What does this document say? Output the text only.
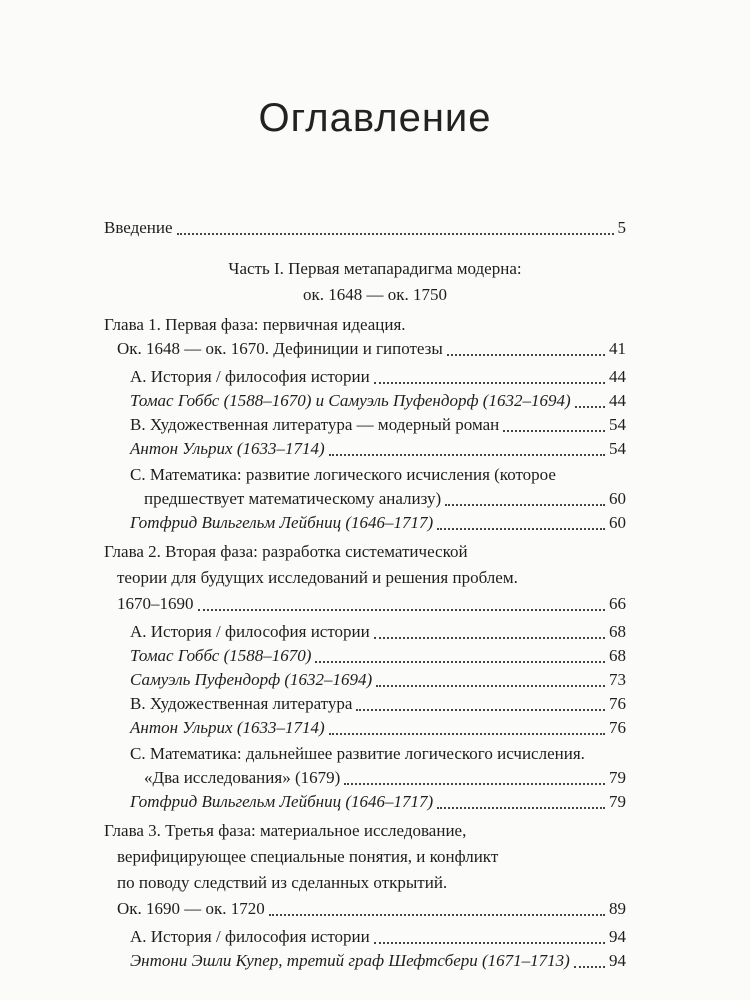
Оглавление
Введение	5
Часть I. Первая метапарадигма модерна:
ок. 1648 — ок. 1750
Глава 1. Первая фаза: первичная идеация.
Ок. 1648 — ок. 1670. Дефиниции и гипотезы	41
A. История / философия истории	44
Томас Гоббс (1588–1670) и Самуэль Пуфендорф (1632–1694) 44
B. Художественная литература — модерный роман	54
Антон Ульрих (1633–1714)	54
C. Математика: развитие логического исчисления (которое
предшествует математическому анализу)	60
Готфрид Вильгельм Лейбниц (1646–1717)	60
Глава 2. Вторая фаза: разработка систематической
теории для будущих исследований и решения проблем.
1670–1690	66
A. История / философия истории	68
Томас Гоббс (1588–1670)	68
Самуэль Пуфендорф (1632–1694)	73
B. Художественная литература	76
Антон Ульрих (1633–1714)	76
C. Математика: дальнейшее развитие логического исчисления.
«Два исследования» (1679)	79
Готфрид Вильгельм Лейбниц (1646–1717)	79
Глава 3. Третья фаза: материальное исследование,
верифицирующее специальные понятия, и конфликт
по поводу следствий из сделанных открытий.
Ок. 1690 — ок. 1720	89
A. История / философия истории	94
Энтони Эшли Купер, третий граф Шефтсбери (1671–1713) 94
